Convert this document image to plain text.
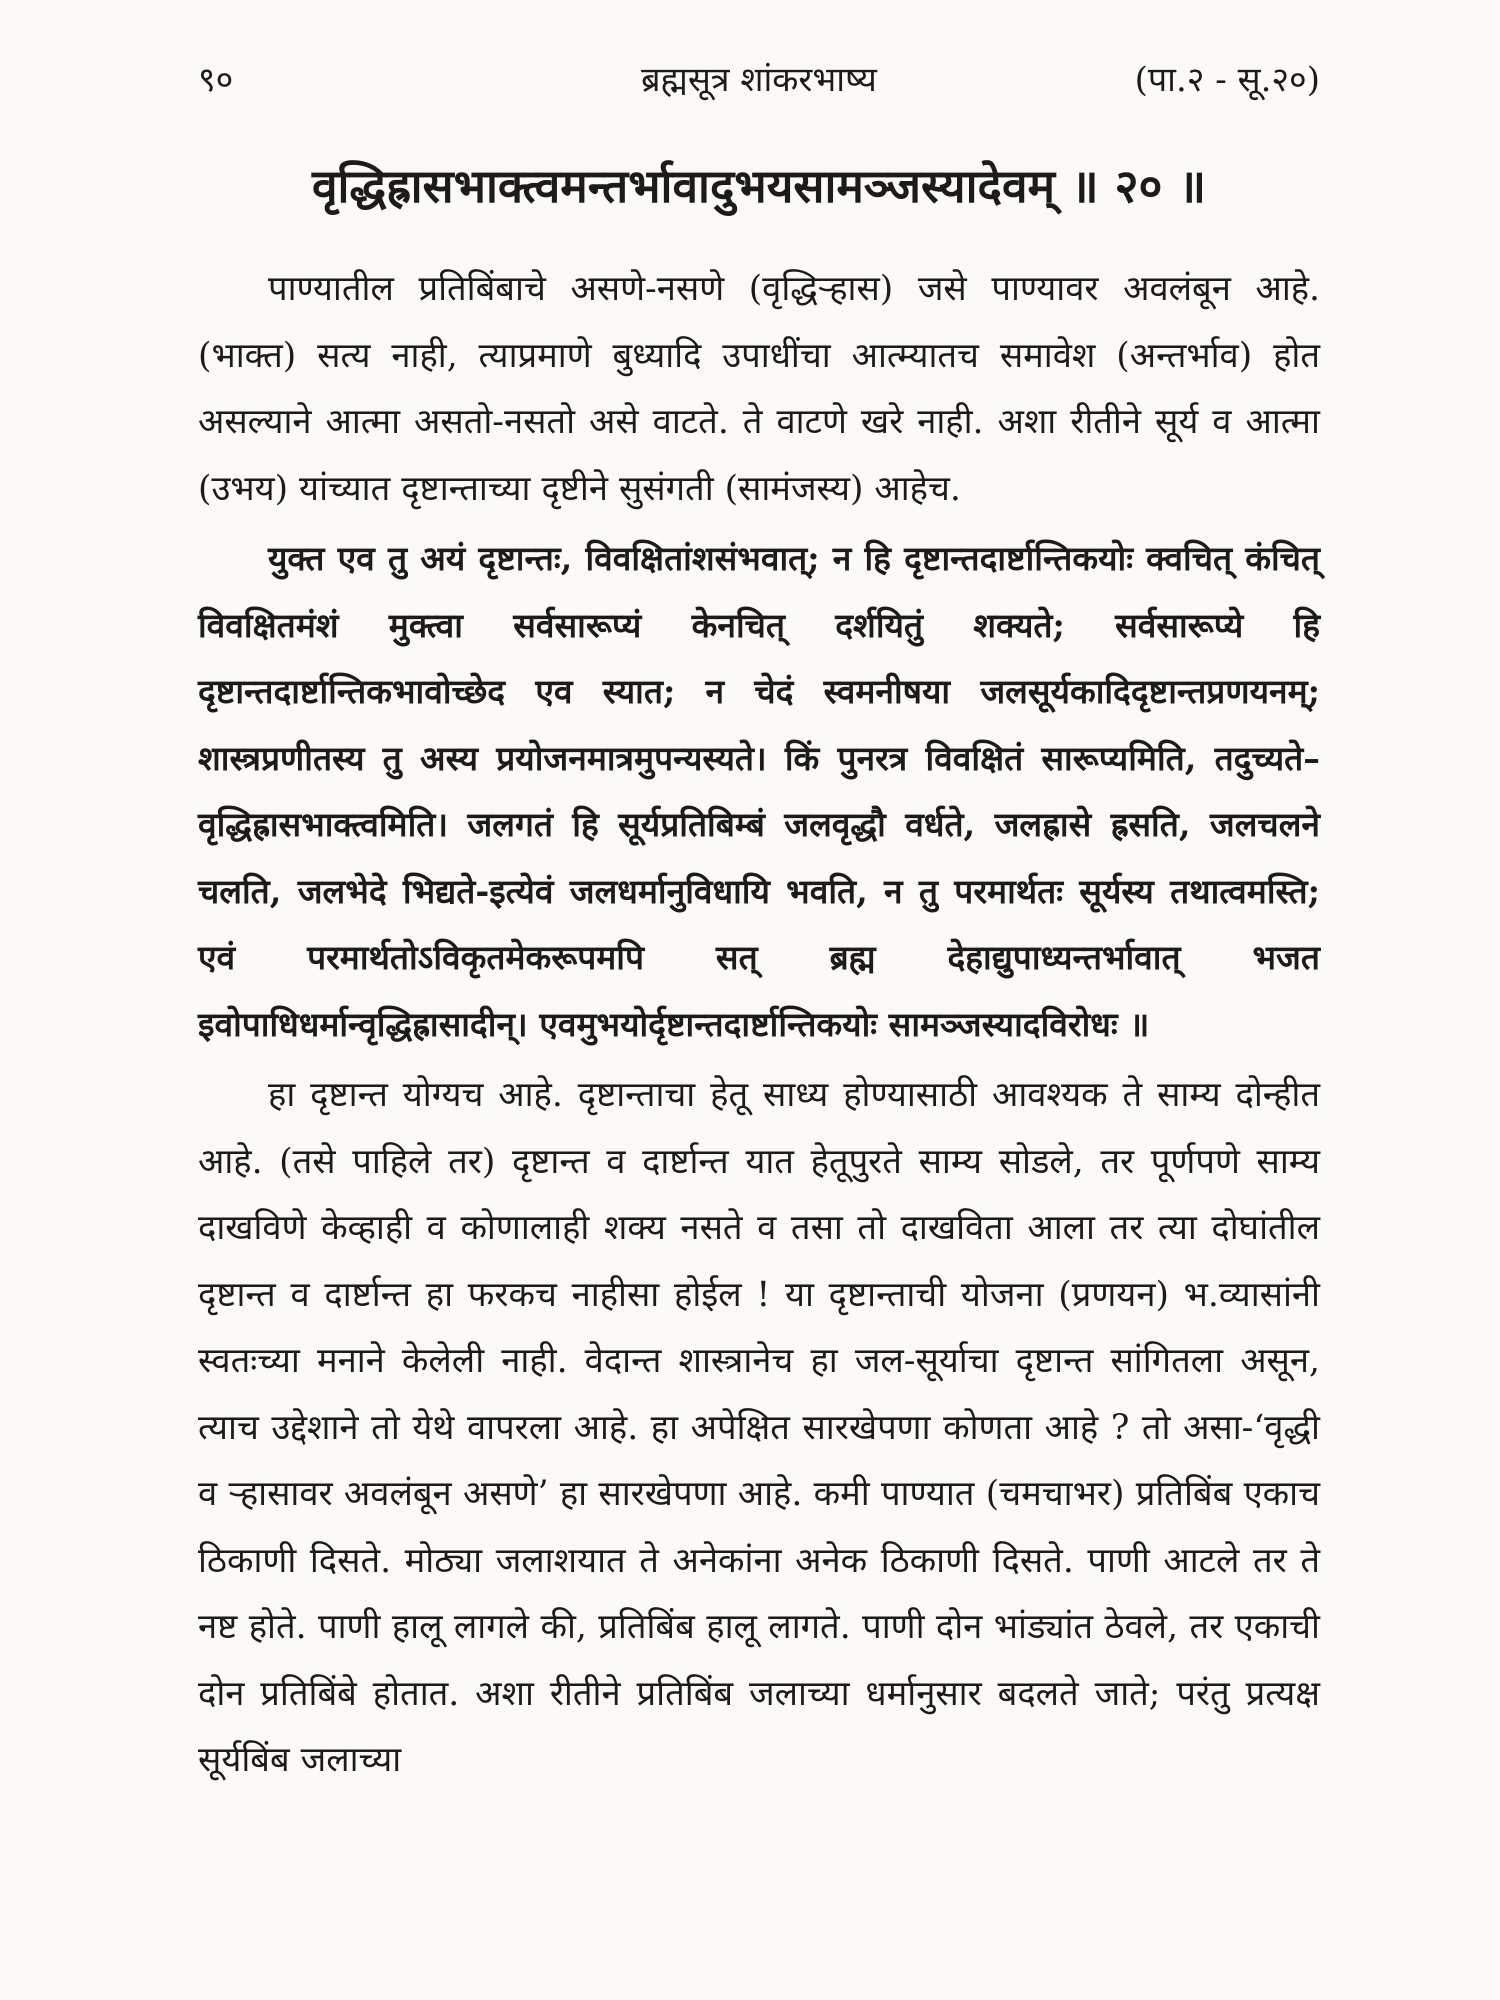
९०	ब्रह्मसूत्र शांकरभाष्य	(पा.२ - सू.२०)
वृद्धिह्रासभाक्त्वमन्तर्भावादुभयसामञ्जस्यादेवम् ॥ २० ॥

पाण्यातील प्रतिबिंबाचे असणे-नसणे (वृद्धिऱ्हास) जसे पाण्यावर अवलंबून आहे. (भाक्त) सत्य नाही, त्याप्रमाणे बुध्यादि उपाधींचा आत्म्यातच समावेश (अन्तर्भाव) होत असल्याने आत्मा असतो-नसतो असे वाटते. ते वाटणे खरे नाही. अशा रीतीने सूर्य व आत्मा (उभय) यांच्यात दृष्टान्ताच्या दृष्टीने सुसंगती (सामंजस्य) आहेच.

युक्त एव तु अयं दृष्टान्तः, विवक्षितांशसंभवात्; न हि दृष्टान्तदार्ष्टान्तिकयोः क्वचित् कंचित् विवक्षितमंशं मुक्त्वा सर्वसारूप्यं केनचित् दर्शयितुं शक्यते; सर्वसारूप्ये हि दृष्टान्तदार्ष्टान्तिकभावोच्छेद एव स्यात; न चेदं स्वमनीषया जलसूर्यकादिदृष्टान्तप्रणयनम्; शास्त्रप्रणीतस्य तु अस्य प्रयोजनमात्रमुपन्यस्यते। किं पुनरत्र विवक्षितं सारूप्यमिति, तदुच्यते–वृद्धिह्रासभाक्त्वमिति। जलगतं हि सूर्यप्रतिबिम्बं जलवृद्धौ वर्धते, जलह्रासे ह्रसति, जलचलने चलति, जलभेदे भिद्यते-इत्येवं जलधर्मानुविधायि भवति, न तु परमार्थतः सूर्यस्य तथात्वमस्ति; एवं परमार्थतोऽविकृतमेकरूपमपि सत् ब्रह्म देहाद्युपाध्यन्तर्भावात् भजत इवोपाधिधर्मान्वृद्धिह्रासादीन्। एवमुभयोर्दृष्टान्तदार्ष्टान्तिकयोः सामञ्जस्यादविरोधः ॥

हा दृष्टान्त योग्यच आहे. दृष्टान्ताचा हेतू साध्य होण्यासाठी आवश्यक ते साम्य दोन्हीत आहे. (तसे पाहिले तर) दृष्टान्त व दार्ष्टान्त यात हेतूपुरते साम्य सोडले, तर पूर्णपणे साम्य दाखविणे केव्हाही व कोणालाही शक्य नसते व तसा तो दाखविता आला तर त्या दोघांतील दृष्टान्त व दार्ष्टान्त हा फरकच नाहीसा होईल ! या दृष्टान्ताची योजना (प्रणयन) भ.व्यासांनी स्वतःच्या मनाने केलेली नाही. वेदान्त शास्त्रानेच हा जल-सूर्याचा दृष्टान्त सांगितला असून, त्याच उद्देशाने तो येथे वापरला आहे. हा अपेक्षित सारखेपणा कोणता आहे ? तो असा-‘वृद्धी व ऱ्हासावर अवलंबून असणे’ हा सारखेपणा आहे. कमी पाण्यात (चमचाभर) प्रतिबिंब एकाच ठिकाणी दिसते. मोठ्या जलाशयात ते अनेकांना अनेक ठिकाणी दिसते. पाणी आटले तर ते नष्ट होते. पाणी हालू लागले की, प्रतिबिंब हालू लागते. पाणी दोन भांड्यांत ठेवले, तर एकाची दोन प्रतिबिंबे होतात. अशा रीतीने प्रतिबिंब जलाच्या धर्मानुसार बदलते जाते; परंतु प्रत्यक्ष सूर्यबिंब जलाच्या
